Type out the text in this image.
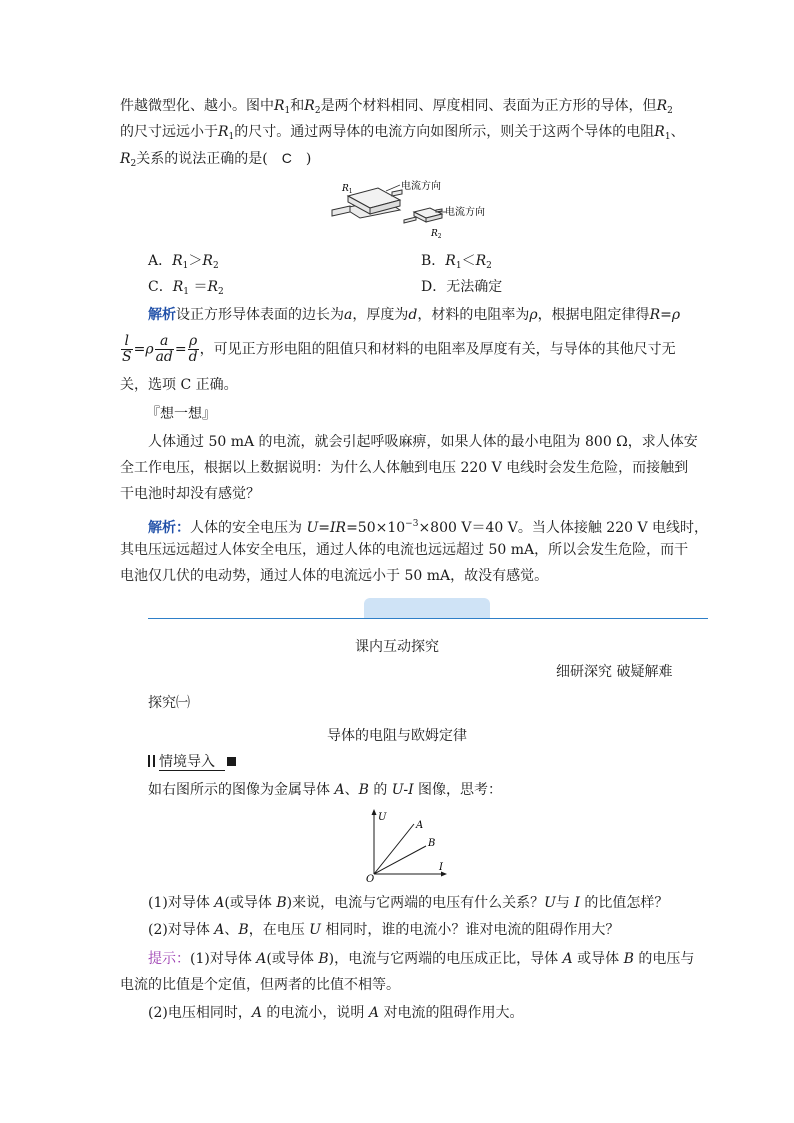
件越微型化、越小。图中$R_1$和$R_2$是两个材料相同、厚度相同、表面为正方形的导体，但$R_2$
的尺寸远远小于$R_1$的尺寸。通过两导体的电流方向如图所示，则关于这两个导体的电阻$R_1$、
$R_2$关系的说法正确的是(　C　)
$R_1$	电流方向
电流方向
$R_2$
A．$R_1>R_2$	B．$R_1<R_2$
C．$R_1 =R_2$	D．无法确定
解析设正方形导体表面的边长为a，厚度为d，材料的电阻率为ρ，根据电阻定律得R=ρ
$\frac{l}{S} =\rho \frac{a}{ad} = \frac{\rho}{d}$ ，可见正方形电阻的阻值只和材料的电阻率及厚度有关，与导体的其他尺寸无
关，选项 C 正确。
『想一想』
人体通过 50 mA 的电流，就会引起呼吸麻痹，如果人体的最小电阻为 800 Ω，求人体安
全工作电压，根据以上数据说明：为什么人体触到电压 220 V 电线时会发生危险，而接触到
干电池时却没有感觉？
解析：人体的安全电压为 $U=IR=50\times 10^{-3}\times 800$ V＝40 V。当人体接触 220 V 电线时，
其电压远远超过人体安全电压，通过人体的电流也远远超过 50 mA，所以会发生危险，而干
电池仅几伏的电动势，通过人体的电流远小于 50 mA，故没有感觉。
课内互动探究
细研深究 破疑解难
探究㈠
导体的电阻与欧姆定律
情境导入
如右图所示的图像为金属导体 A、B 的 U-I 图像，思考：
U
I
O
A
B
(1)对导体 A(或导体 B)来说，电流与它两端的电压有什么关系？U与 I 的比值怎样？
(2)对导体 A、B，在电压 U 相同时，谁的电流小？谁对电流的阻碍作用大？
提示：(1)对导体 A(或导体 B)，电流与它两端的电压成正比，导体 A 或导体 B 的电压与
电流的比值是个定值，但两者的比值不相等。
(2)电压相同时，A 的电流小，说明 A 对电流的阻碍作用大。
